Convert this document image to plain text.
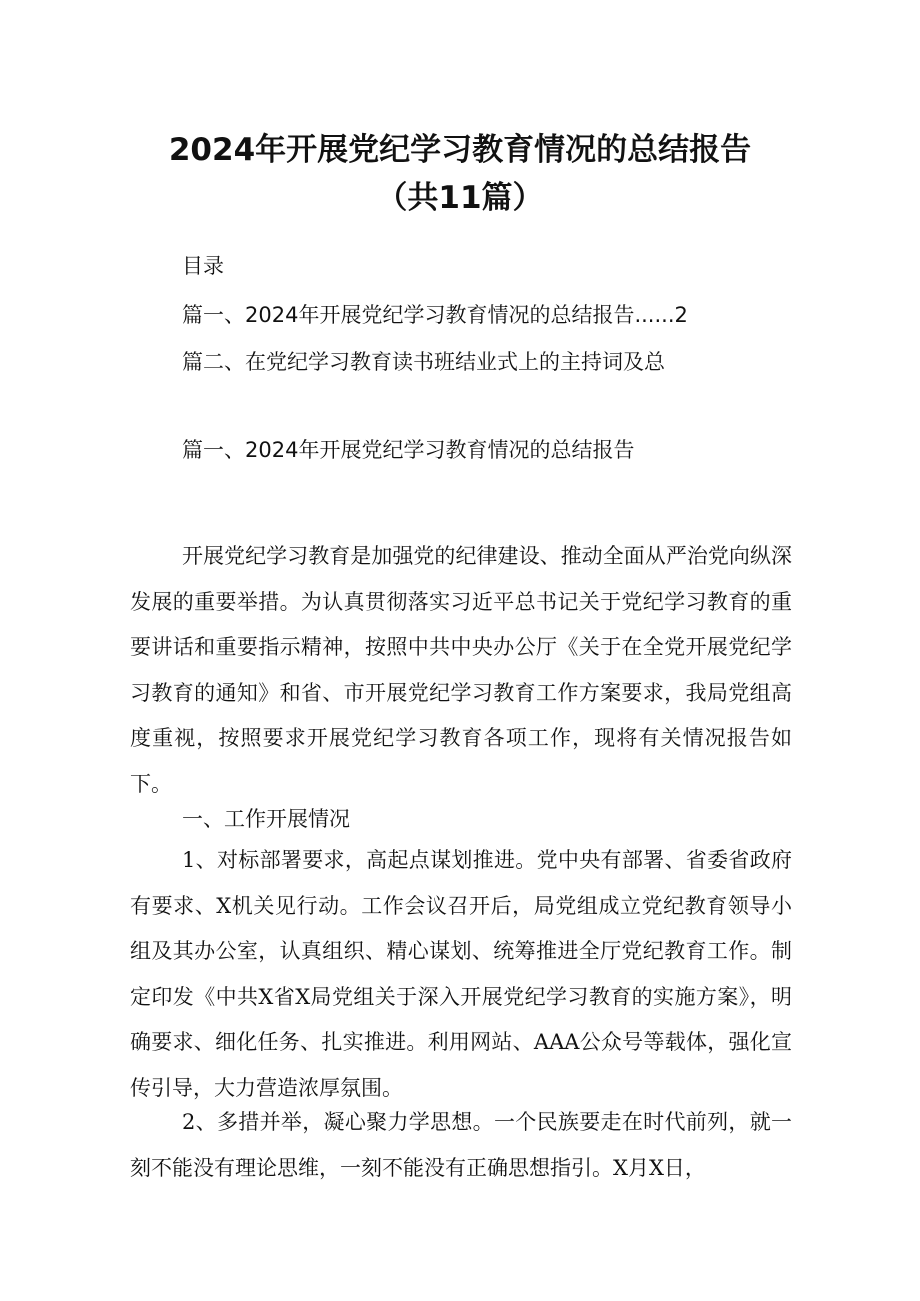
2024年开展党纪学习教育情况的总结报告
（共11篇）
目录
篇一、2024年开展党纪学习教育情况的总结报告......2
篇二、在党纪学习教育读书班结业式上的主持词及总
篇一、2024年开展党纪学习教育情况的总结报告

开展党纪学习教育是加强党的纪律建设、推动全面从严治党向纵深发展的重要举措。为认真贯彻落实习近平总书记关于党纪学习教育的重要讲话和重要指示精神，按照中共中央办公厅《关于在全党开展党纪学习教育的通知》和省、市开展党纪学习教育工作方案要求，我局党组高度重视，按照要求开展党纪学习教育各项工作，现将有关情况报告如下。

一、工作开展情况

1、对标部署要求，高起点谋划推进。党中央有部署、省委省政府有要求、X机关见行动。工作会议召开后，局党组成立党纪教育领导小组及其办公室，认真组织、精心谋划、统筹推进全厅党纪教育工作。制定印发《中共X省X局党组关于深入开展党纪学习教育的实施方案》，明确要求、细化任务、扎实推进。利用网站、AAA公众号等载体，强化宣传引导，大力营造浓厚氛围。

2、多措并举，凝心聚力学思想。一个民族要走在时代前列，就一刻不能没有理论思维，一刻不能没有正确思想指引。X月X日，
